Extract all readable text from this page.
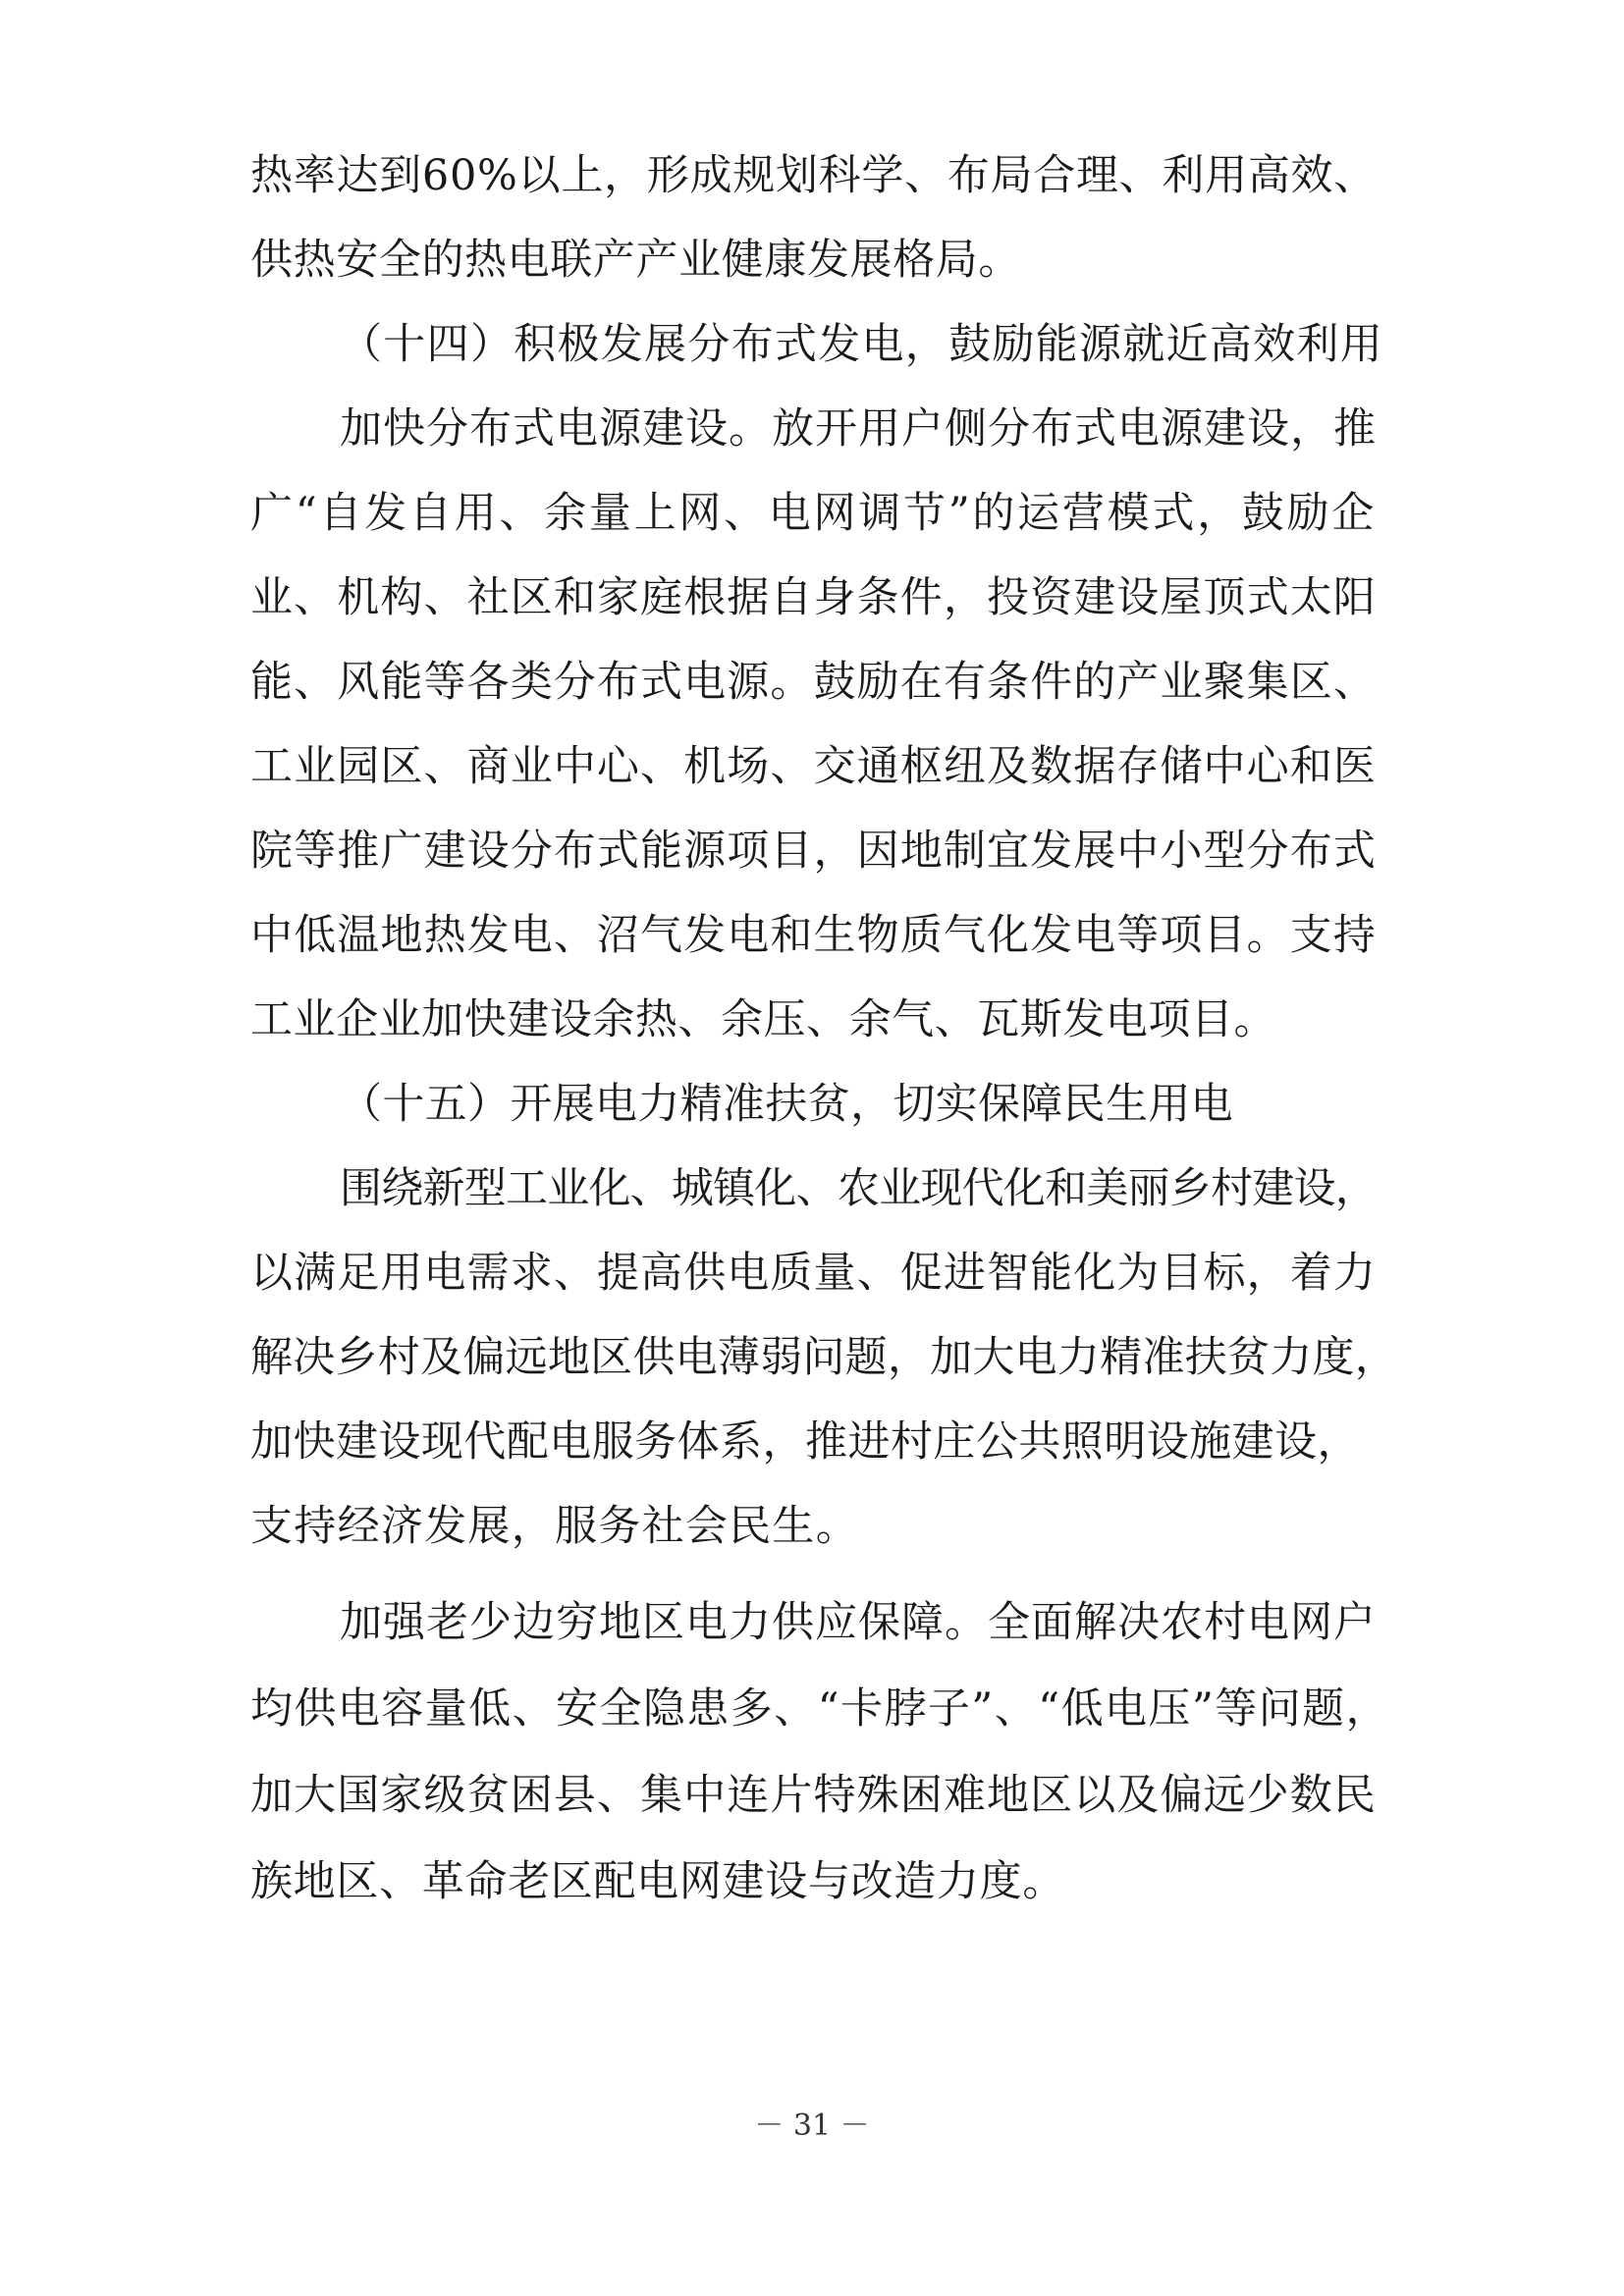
热率达到60%以上，形成规划科学、布局合理、利用高效、
供热安全的热电联产产业健康发展格局。
（十四）积极发展分布式发电，鼓励能源就近高效利用
加快分布式电源建设。放开用户侧分布式电源建设，推
广“自发自用、余量上网、电网调节”的运营模式，鼓励企
业、机构、社区和家庭根据自身条件，投资建设屋顶式太阳
能、风能等各类分布式电源。鼓励在有条件的产业聚集区、
工业园区、商业中心、机场、交通枢纽及数据存储中心和医
院等推广建设分布式能源项目，因地制宜发展中小型分布式
中低温地热发电、沼气发电和生物质气化发电等项目。支持
工业企业加快建设余热、余压、余气、瓦斯发电项目。
（十五）开展电力精准扶贫，切实保障民生用电
围绕新型工业化、城镇化、农业现代化和美丽乡村建设，
以满足用电需求、提高供电质量、促进智能化为目标，着力
解决乡村及偏远地区供电薄弱问题，加大电力精准扶贫力度，
加快建设现代配电服务体系，推进村庄公共照明设施建设，
支持经济发展，服务社会民生。
加强老少边穷地区电力供应保障。全面解决农村电网户
均供电容量低、安全隐患多、“卡脖子”、“低电压”等问题，
加大国家级贫困县、集中连片特殊困难地区以及偏远少数民
族地区、革命老区配电网建设与改造力度。
－ 31 －
